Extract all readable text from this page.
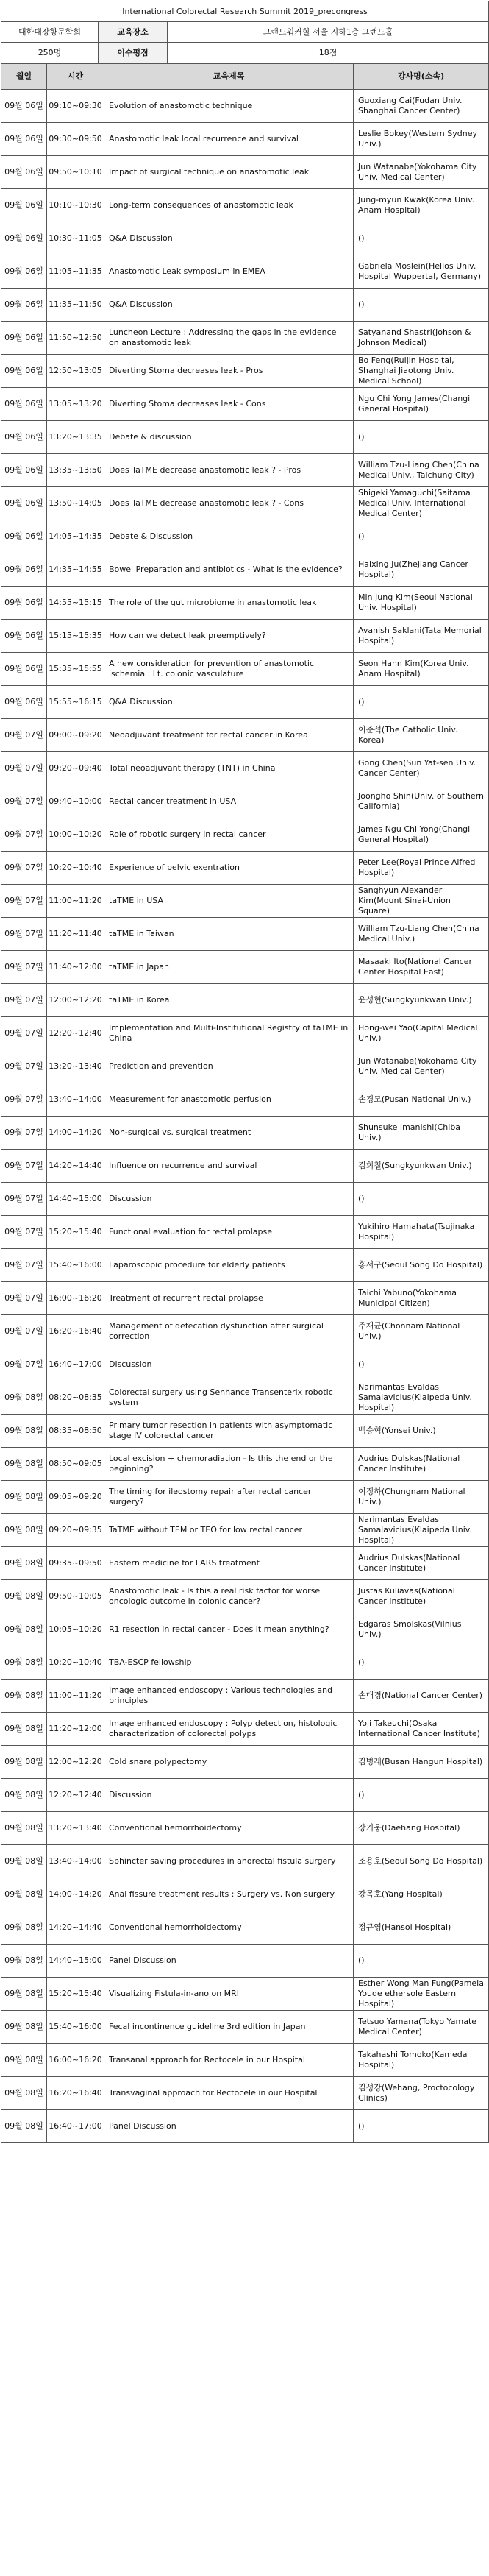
International Colorectal Research Summit 2019_precongress		
대한대장항문학회	교육장소	그랜드워커힐 서울 지하1층 그랜드홀
250명	이수평점	18점
월일	시간	교육제목	강사명(소속)
09월 06일	09:10~09:30	Evolution of anastomotic technique	Guoxiang Cai(Fudan Univ. Shanghai Cancer Center)
09월 06일	09:30~09:50	Anastomotic leak local recurrence and survival	Leslie Bokey(Western Sydney Univ.)
09월 06일	09:50~10:10	Impact of surgical technique on anastomotic leak	Jun Watanabe(Yokohama City Univ. Medical Center)
09월 06일	10:10~10:30	Long-term consequences of anastomotic leak	Jung-myun Kwak(Korea Univ. Anam Hospital)
09월 06일	10:30~11:05	Q&A Discussion	()
09월 06일	11:05~11:35	Anastomotic Leak symposium in EMEA	Gabriela Moslein(Helios Univ. Hospital Wuppertal, Germany)
09월 06일	11:35~11:50	Q&A Discussion	()
09월 06일	11:50~12:50	Luncheon Lecture : Addressing the gaps in the evidence on anastomotic leak	Satyanand Shastri(Johson & Johnson Medical)
09월 06일	12:50~13:05	Diverting Stoma decreases leak - Pros	Bo Feng(Ruijin Hospital, Shanghai Jiaotong Univ. Medical School)
09월 06일	13:05~13:20	Diverting Stoma decreases leak - Cons	Ngu Chi Yong James(Changi General Hospital)
09월 06일	13:20~13:35	Debate & discussion	()
09월 06일	13:35~13:50	Does TaTME decrease anastomotic leak ? - Pros	William Tzu-Liang Chen(China Medical Univ., Taichung City)
09월 06일	13:50~14:05	Does TaTME decrease anastomotic leak ? - Cons	Shigeki Yamaguchi(Saitama Medical Univ. International Medical Center)
09월 06일	14:05~14:35	Debate & Discussion	()
09월 06일	14:35~14:55	Bowel Preparation and antibiotics - What is the evidence?	Haixing Ju(Zhejiang Cancer Hospital)
09월 06일	14:55~15:15	The role of the gut microbiome in anastomotic leak	Min Jung Kim(Seoul National Univ. Hospital)
09월 06일	15:15~15:35	How can we detect leak preemptively?	Avanish Saklani(Tata Memorial Hospital)
09월 06일	15:35~15:55	A new consideration for prevention of anastomotic ischemia : Lt. colonic vasculature	Seon Hahn Kim(Korea Univ. Anam Hospital)
09월 06일	15:55~16:15	Q&A Discussion	()
09월 07일	09:00~09:20	Neoadjuvant treatment for rectal cancer in Korea	이준석(The Catholic Univ. Korea)
09월 07일	09:20~09:40	Total neoadjuvant therapy (TNT) in China	Gong Chen(Sun Yat-sen Univ. Cancer Center)
09월 07일	09:40~10:00	Rectal cancer treatment in USA	Joongho Shin(Univ. of Southern California)
09월 07일	10:00~10:20	Role of robotic surgery in rectal cancer	James Ngu Chi Yong(Changi General Hospital)
09월 07일	10:20~10:40	Experience of pelvic exentration	Peter Lee(Royal Prince Alfred Hospital)
09월 07일	11:00~11:20	taTME in USA	Sanghyun Alexander Kim(Mount Sinai-Union Square)
09월 07일	11:20~11:40	taTME in Taiwan	William Tzu-Liang Chen(China Medical Univ.)
09월 07일	11:40~12:00	taTME in Japan	Masaaki Ito(National Cancer Center Hospital East)
09월 07일	12:00~12:20	taTME in Korea	윤성현(Sungkyunkwan Univ.)
09월 07일	12:20~12:40	Implementation and Multi-Institutional Registry of taTME in China	Hong-wei Yao(Capital Medical Univ.)
09월 07일	13:20~13:40	Prediction and prevention	Jun Watanabe(Yokohama City Univ. Medical Center)
09월 07일	13:40~14:00	Measurement for anastomotic perfusion	손경모(Pusan National Univ.)
09월 07일	14:00~14:20	Non-surgical vs. surgical treatment	Shunsuke Imanishi(Chiba Univ.)
09월 07일	14:20~14:40	Influence on recurrence and survival	김희철(Sungkyunkwan Univ.)
09월 07일	14:40~15:00	Discussion	()
09월 07일	15:20~15:40	Functional evaluation for rectal prolapse	Yukihiro Hamahata(Tsujinaka Hospital)
09월 07일	15:40~16:00	Laparoscopic procedure for elderly patients	홍서구(Seoul Song Do Hospital)
09월 07일	16:00~16:20	Treatment of recurrent rectal prolapse	Taichi Yabuno(Yokohama Municipal Citizen)
09월 07일	16:20~16:40	Management of defecation dysfunction after surgical correction	주재균(Chonnam National Univ.)
09월 07일	16:40~17:00	Discussion	()
09월 08일	08:20~08:35	Colorectal surgery using Senhance Transenterix robotic system	Narimantas Evaldas Samalavicius(Klaipeda Univ. Hospital)
09월 08일	08:35~08:50	Primary tumor resection in patients with asymptomatic stage IV colorectal cancer	백승혁(Yonsei Univ.)
09월 08일	08:50~09:05	Local excision + chemoradiation - Is this the end or the beginning?	Audrius Dulskas(National Cancer Institute)
09월 08일	09:05~09:20	The timing for ileostomy repair after rectal cancer surgery?	이정하(Chungnam National Univ.)
09월 08일	09:20~09:35	TaTME without TEM or TEO for low rectal cancer	Narimantas Evaldas Samalavicius(Klaipeda Univ. Hospital)
09월 08일	09:35~09:50	Eastern medicine for LARS treatment	Audrius Dulskas(National Cancer Institute)
09월 08일	09:50~10:05	Anastomotic leak - Is this a real risk factor for worse oncologic outcome in colonic cancer?	Justas Kuliavas(National Cancer Institute)
09월 08일	10:05~10:20	R1 resection in rectal cancer - Does it mean anything?	Edgaras Smolskas(Vilnius Univ.)
09월 08일	10:20~10:40	TBA-ESCP fellowship	()
09월 08일	11:00~11:20	Image enhanced endoscopy : Various technologies and principles	손대경(National Cancer Center)
09월 08일	11:20~12:00	Image enhanced endoscopy : Polyp detection, histologic characterization of colorectal polyps	Yoji Takeuchi(Osaka International Cancer Institute)
09월 08일	12:00~12:20	Cold snare polypectomy	김병래(Busan Hangun Hospital)
09월 08일	12:20~12:40	Discussion	()
09월 08일	13:20~13:40	Conventional hemorrhoidectomy	장기웅(Daehang Hospital)
09월 08일	13:40~14:00	Sphincter saving procedures in anorectal fistula surgery	조용호(Seoul Song Do Hospital)
09월 08일	14:00~14:20	Anal fissure treatment results : Surgery vs. Non surgery	강목호(Yang Hospital)
09월 08일	14:20~14:40	Conventional hemorrhoidectomy	정규영(Hansol Hospital)
09월 08일	14:40~15:00	Panel Discussion	()
09월 08일	15:20~15:40	Visualizing Fistula-in-ano on MRI	Esther Wong Man Fung(Pamela Youde ethersole Eastern Hospital)
09월 08일	15:40~16:00	Fecal incontinence guideline 3rd edition in Japan	Tetsuo Yamana(Tokyo Yamate Medical Center)
09월 08일	16:00~16:20	Transanal approach for Rectocele in our Hospital	Takahashi Tomoko(Kameda Hospital)
09월 08일	16:20~16:40	Transvaginal approach for Rectocele in our Hospital	김성강(Wehang, Proctocology Clinics)
09월 08일	16:40~17:00	Panel Discussion	()
